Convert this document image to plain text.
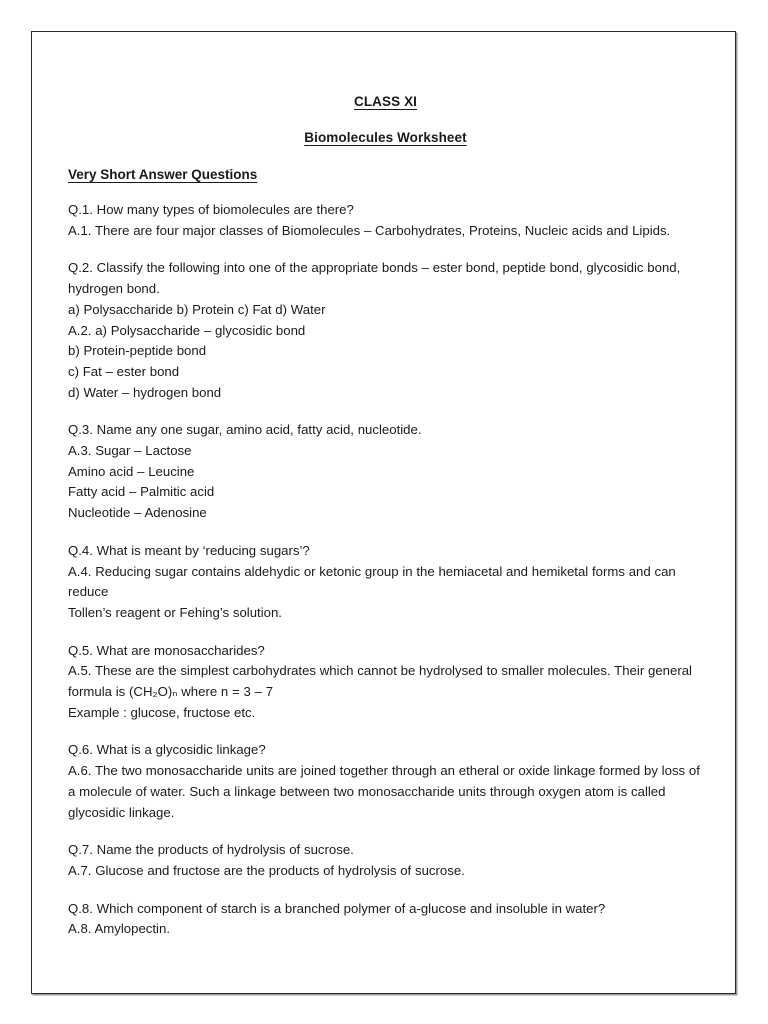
CLASS XI
Biomolecules Worksheet
Very Short Answer Questions

Q.1. How many types of biomolecules are there?

A.1. There are four major classes of Biomolecules – Carbohydrates, Proteins, Nucleic acids and Lipids.

Q.2. Classify the following into one of the appropriate bonds – ester bond, peptide bond, glycosidic bond, hydrogen bond.

a) Polysaccharide b) Protein c) Fat d) Water

A.2. a) Polysaccharide – glycosidic bond

b) Protein-peptide bond

c) Fat – ester bond

d) Water – hydrogen bond

Q.3. Name any one sugar, amino acid, fatty acid, nucleotide.

A.3. Sugar – Lactose

Amino acid – Leucine

Fatty acid – Palmitic acid

Nucleotide – Adenosine

Q.4. What is meant by ‘reducing sugars’?

A.4. Reducing sugar contains aldehydic or ketonic group in the hemiacetal and hemiketal forms and can reduce

Tollen’s reagent or Fehing’s solution.

Q.5. What are monosaccharides?

A.5. These are the simplest carbohydrates which cannot be hydrolysed to smaller molecules. Their general formula is (CH₂O)ₙ where n = 3 – 7

Example : glucose, fructose etc.

Q.6. What is a glycosidic linkage?

A.6. The two monosaccharide units are joined together through an etheral or oxide linkage formed by loss of a molecule of water. Such a linkage between two monosaccharide units through oxygen atom is called glycosidic linkage.

Q.7. Name the products of hydrolysis of sucrose.

A.7. Glucose and fructose are the products of hydrolysis of sucrose.

Q.8. Which component of starch is a branched polymer of a-glucose and insoluble in water?

A.8. Amylopectin.
